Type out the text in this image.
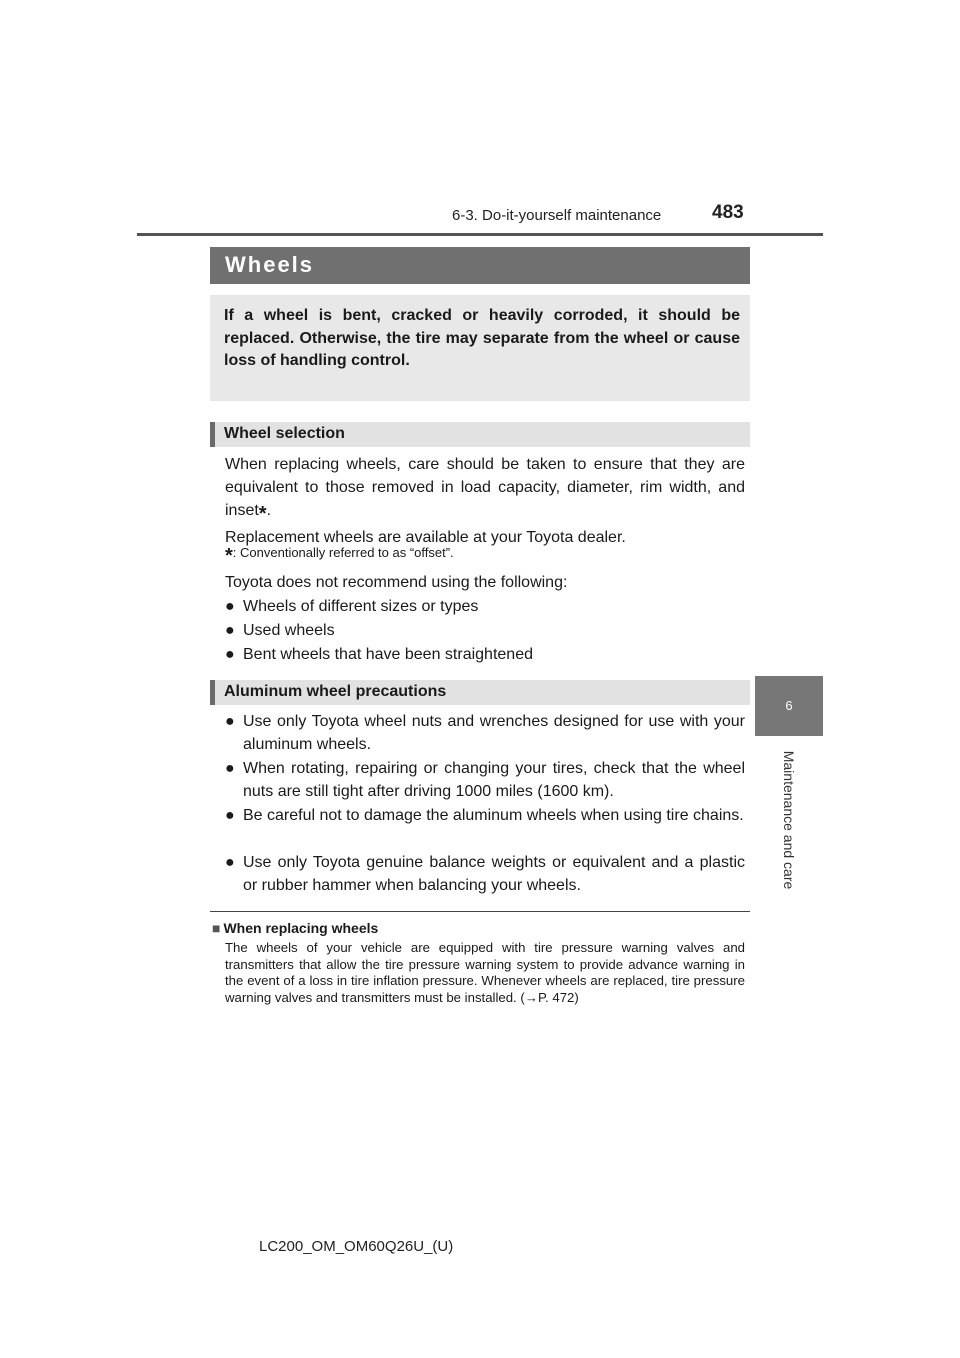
6-3. Do-it-yourself maintenance	483
6
Maintenance and care
Wheels
If a wheel is bent, cracked or heavily corroded, it should be replaced. Otherwise, the tire may separate from the wheel or cause loss of handling control.
Wheel selection
When replacing wheels, care should be taken to ensure that they are equivalent to those removed in load capacity, diameter, rim width, and inset*.
Replacement wheels are available at your Toyota dealer.
*: Conventionally referred to as “offset”.
Toyota does not recommend using the following:
● Wheels of different sizes or types
● Used wheels
● Bent wheels that have been straightened
Aluminum wheel precautions
● Use only Toyota wheel nuts and wrenches designed for use with your aluminum wheels.
● When rotating, repairing or changing your tires, check that the wheel nuts are still tight after driving 1000 miles (1600 km).
● Be careful not to damage the aluminum wheels when using tire chains.
● Use only Toyota genuine balance weights or equivalent and a plastic or rubber hammer when balancing your wheels.
■ When replacing wheels
The wheels of your vehicle are equipped with tire pressure warning valves and transmitters that allow the tire pressure warning system to provide advance warning in the event of a loss in tire inflation pressure. Whenever wheels are replaced, tire pressure warning valves and transmitters must be installed. (→P. 472)
LC200_OM_OM60Q26U_(U)
